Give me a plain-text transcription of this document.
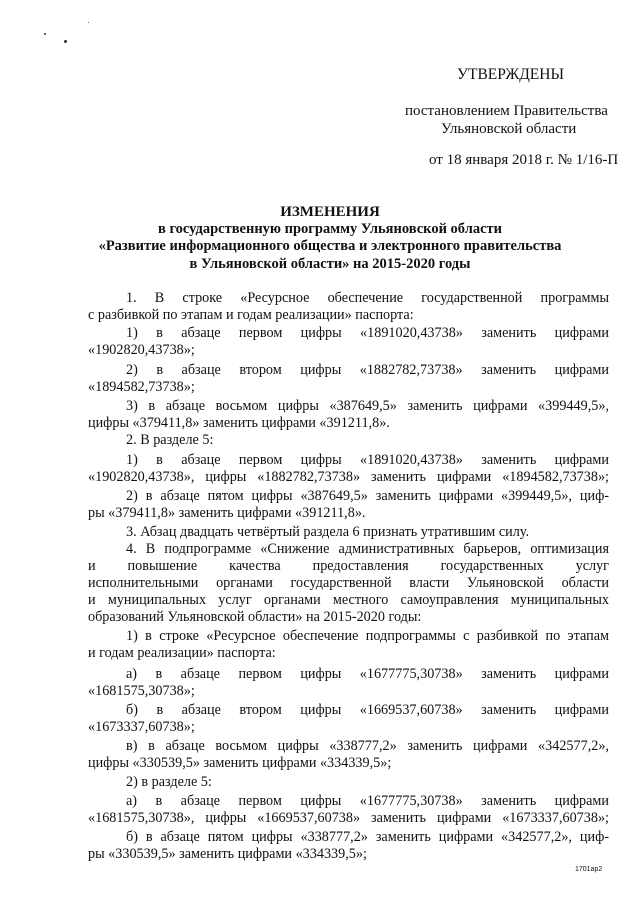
УТВЕРЖДЕНЫ
постановлением Правительства
Ульяновской области
от 18 января 2018 г. № 1/16-П
ИЗМЕНЕНИЯ
в государственную программу Ульяновской области
«Развитие информационного общества и электронного правительства
в Ульяновской области» на 2015-2020 годы
1. В строке «Ресурсное обеспечение государственной программы
с разбивкой по этапам и годам реализации» паспорта:
1) в абзаце первом цифры «1891020,43738» заменить цифрами
«1902820,43738»;
2) в абзаце втором цифры «1882782,73738» заменить цифрами
«1894582,73738»;
3) в абзаце восьмом цифры «387649,5» заменить цифрами «399449,5»,
цифры «379411,8» заменить цифрами «391211,8».
2. В разделе 5:
1) в абзаце первом цифры «1891020,43738» заменить цифрами
«1902820,43738», цифры «1882782,73738» заменить цифрами «1894582,73738»;
2) в абзаце пятом цифры «387649,5» заменить цифрами «399449,5», циф-
ры «379411,8» заменить цифрами «391211,8».
3. Абзац двадцать четвёртый раздела 6 признать утратившим силу.
4. В подпрограмме «Снижение административных барьеров, оптимизация
и повышение качества предоставления государственных услуг
исполнительными органами государственной власти Ульяновской области
и муниципальных услуг органами местного самоуправления муниципальных
образований Ульяновской области» на 2015-2020 годы:
1) в строке «Ресурсное обеспечение подпрограммы с разбивкой по этапам
и годам реализации» паспорта:
а) в абзаце первом цифры «1677775,30738» заменить цифрами
«1681575,30738»;
б) в абзаце втором цифры «1669537,60738» заменить цифрами
«1673337,60738»;
в) в абзаце восьмом цифры «338777,2» заменить цифрами «342577,2»,
цифры «330539,5» заменить цифрами «334339,5»;
2) в разделе 5:
а) в абзаце первом цифры «1677775,30738» заменить цифрами
«1681575,30738», цифры «1669537,60738» заменить цифрами «1673337,60738»;
б) в абзаце пятом цифры «338777,2» заменить цифрами «342577,2», циф-
ры «330539,5» заменить цифрами «334339,5»;
1701ар2
